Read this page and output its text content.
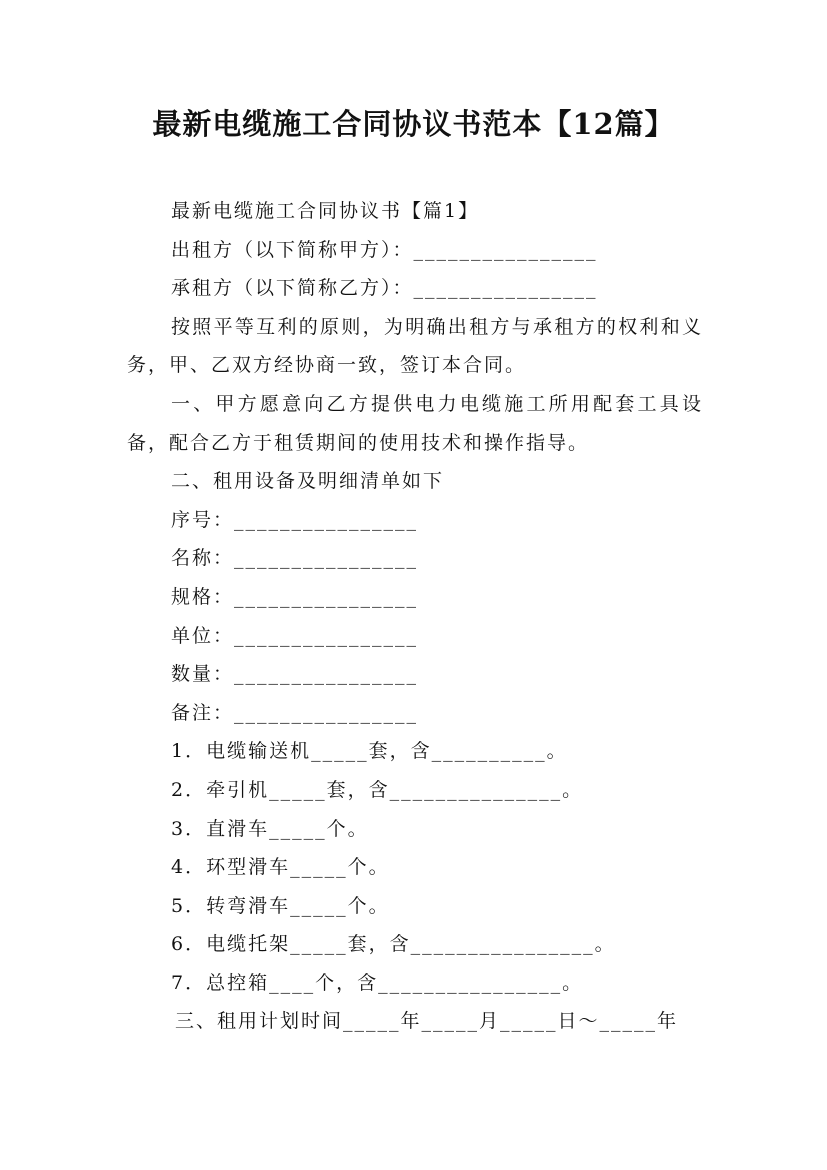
最新电缆施工合同协议书范本【12篇】

最新电缆施工合同协议书【篇1】

出租方（以下简称甲方）：________________

承租方（以下简称乙方）：________________

按照平等互利的原则，为明确出租方与承租方的权利和义务，甲、乙双方经协商一致，签订本合同。

一、甲方愿意向乙方提供电力电缆施工所用配套工具设备，配合乙方于租赁期间的使用技术和操作指导。

二、租用设备及明细清单如下

序号：________________

名称：________________

规格：________________

单位：________________

数量：________________

备注：________________

1．电缆输送机_____套，含__________。

2．牵引机_____套，含_______________。

3．直滑车_____个。

4．环型滑车_____个。

5．转弯滑车_____个。

6．电缆托架_____套，含________________。

7．总控箱____个，含________________。

三、租用计划时间_____年_____月_____日～_____年
